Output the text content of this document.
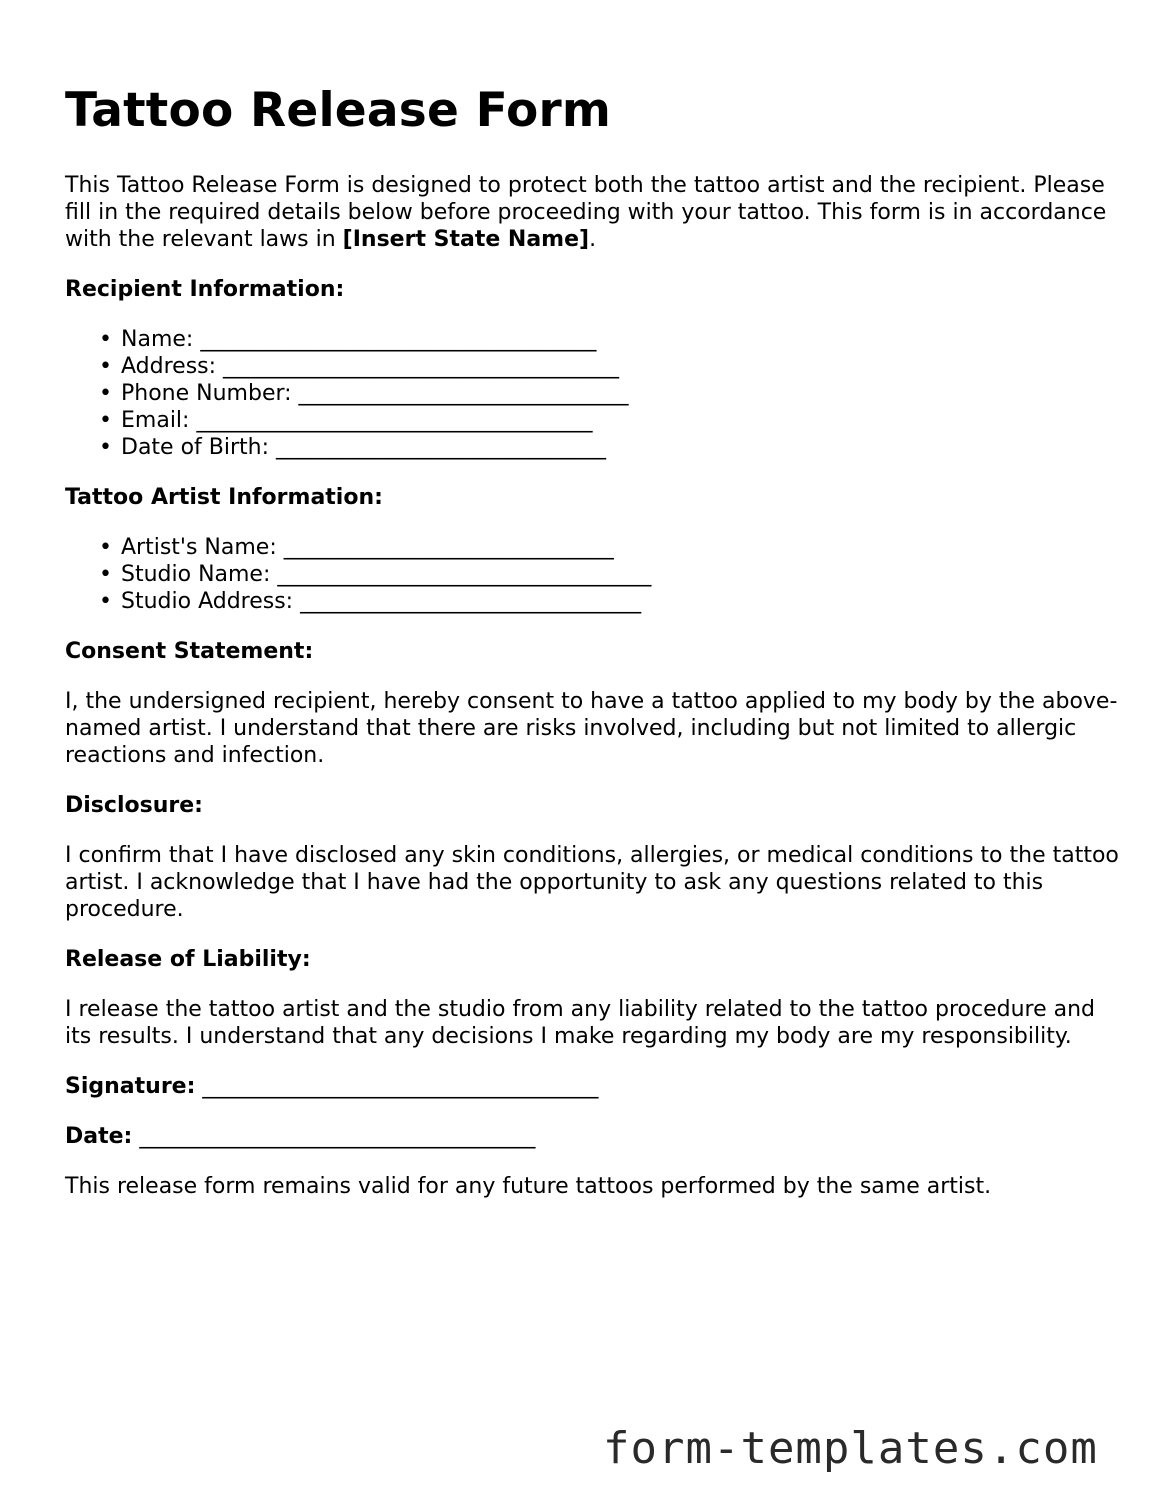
Tattoo Release Form

This Tattoo Release Form is designed to protect both the tattoo artist and the recipient. Please fill in the required details below before proceeding with your tattoo. This form is in accordance with the relevant laws in [Insert State Name].

Recipient Information:
• Name: ____________________________________
• Address: ____________________________________
• Phone Number: ______________________________
• Email: ____________________________________
• Date of Birth: ______________________________
Tattoo Artist Information:
• Artist's Name: ______________________________
• Studio Name: __________________________________
• Studio Address: _______________________________
Consent Statement:

I, the undersigned recipient, hereby consent to have a tattoo applied to my body by the above-named artist. I understand that there are risks involved, including but not limited to allergic reactions and infection.

Disclosure:

I confirm that I have disclosed any skin conditions, allergies, or medical conditions to the tattoo artist. I acknowledge that I have had the opportunity to ask any questions related to this procedure.

Release of Liability:

I release the tattoo artist and the studio from any liability related to the tattoo procedure and its results. I understand that any decisions I make regarding my body are my responsibility.

Signature: ____________________________________
Date: ____________________________________

This release form remains valid for any future tattoos performed by the same artist.

form-templates.com
